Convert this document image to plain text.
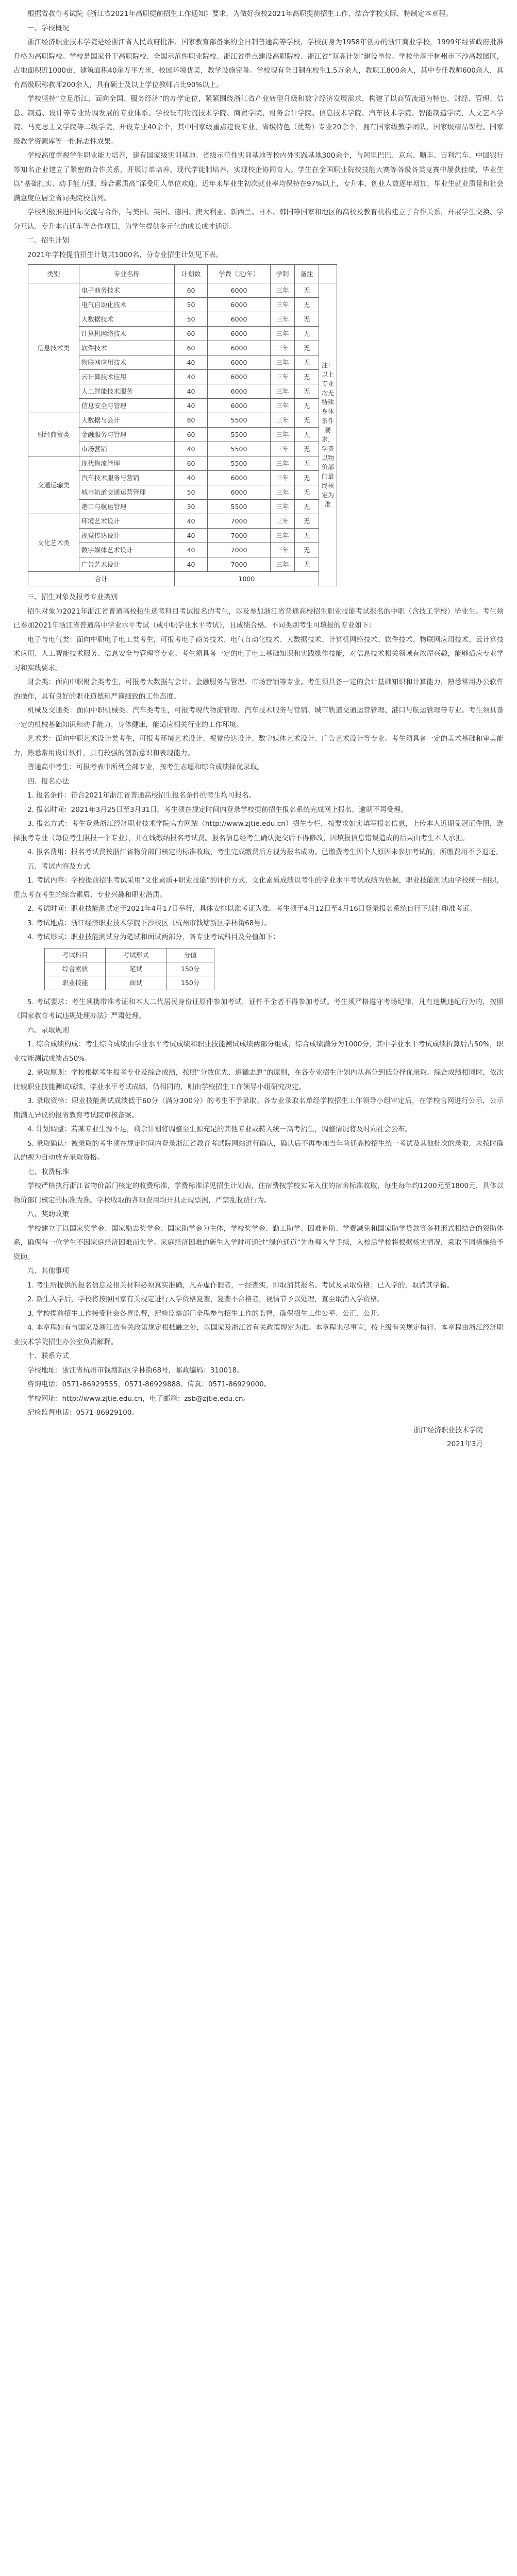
根据省教育考试院《浙江省2021年高职提前招生工作通知》要求，为做好我校2021年高职提前招生工作，结合学校实际，特制定本章程。

一、学校概况

浙江经济职业技术学院是经浙江省人民政府批准、国家教育部备案的全日制普通高等学校，学校前身为1958年创办的浙江商业学校，1999年经省政府批准升格为高职院校。学校是国家骨干高职院校、全国示范性职业院校、浙江省重点建设高职院校、浙江省“双高计划”建设单位。学校坐落于杭州市下沙高教园区，占地面积近1000亩，建筑面积40余万平方米，校园环境优美，教学设施完备。学校现有全日制在校生1.5万余人，教职工800余人，其中专任教师600余人，具有高级职称教师200余人，具有硕士及以上学位教师占比90%以上。

学校坚持“立足浙江、面向全国、服务经济”的办学定位，紧紧围绕浙江省产业转型升级和数字经济发展需求，构建了以商贸流通为特色，财经、管理、信息、制造、设计等专业协调发展的专业体系。学校设有物流技术学院、商贸学院、财务会计学院、信息技术学院、汽车技术学院、智能制造学院、人文艺术学院、马克思主义学院等二级学院，开设专业40余个，其中国家级重点建设专业、省级特色（优势）专业20余个，拥有国家级教学团队、国家级精品课程、国家级教学资源库等一批标志性成果。

学校高度重视学生职业能力培养，建有国家级实训基地、省级示范性实训基地等校内外实践基地300余个，与阿里巴巴、京东、顺丰、吉利汽车、中国银行等知名企业建立了紧密的合作关系，开展订单培养、现代学徒制培养，实现校企协同育人。学生在全国职业院校技能大赛等各级各类竞赛中屡获佳绩，毕业生以“基础扎实、动手能力强、综合素质高”深受用人单位欢迎，近年来毕业生初次就业率均保持在97%以上，专升本、创业人数逐年增加，毕业生就业质量和社会满意度位居全省同类院校前列。

学校积极推进国际交流与合作，与美国、英国、德国、澳大利亚、新西兰、日本、韩国等国家和地区的高校及教育机构建立了合作关系，开展学生交换、学分互认、专升本直通车等合作项目，为学生提供多元化的成长成才通道。

二、招生计划

2021年学校提前招生计划共1000名，分专业招生计划见下表。

类别	专业名称	计划数	学费（元/年）	学制	备注	
信息技术类	电子商务技术	60	6000	三年	无	注：以上专业均无特殊身体条件要求，学费以物价部门最终核定为准
	电气自动化技术	50	6000	三年	无	
	大数据技术	50	6000	三年	无	
	计算机网络技术	60	6000	三年	无	
	软件技术	60	6000	三年	无	
	物联网应用技术	40	6000	三年	无	
	云计算技术应用	40	6000	三年	无	
	人工智能技术服务	40	6000	三年	无	
	信息安全与管理	40	6000	三年	无	
财经商贸类	大数据与会计	80	5500	三年	无	
	金融服务与管理	60	5500	三年	无	
	市场营销	40	5500	三年	无	
交通运输类	现代物流管理	60	5500	三年	无	
	汽车技术服务与营销	40	6000	三年	无	
	城市轨道交通运营管理	50	6000	三年	无	
	港口与航运管理	30	5500	三年	无	
文化艺术类	环境艺术设计	40	7000	三年	无	
	视觉传达设计	40	7000	三年	无	
	数字媒体艺术设计	40	7000	三年	无	
	广告艺术设计	40	7000	三年	无	
合计		1000				
三、招生对象及报考专业类别

招生对象为2021年浙江省普通高校招生选考科目考试报名的考生，以及参加浙江省普通高校招生职业技能考试报名的中职（含技工学校）毕业生。考生须已参加2021年浙江省普通高中学业水平考试（或中职学业水平考试），且成绩合格。不同类别考生可填报的专业如下：

电子与电气类：面向中职电子电工类考生，可报考电子商务技术、电气自动化技术、大数据技术、计算机网络技术、软件技术、物联网应用技术、云计算技术应用、人工智能技术服务、信息安全与管理等专业。考生须具备一定的电子电工基础知识和实践操作技能，对信息技术相关领域有浓厚兴趣，能够适应专业学习和实践要求。

财会类：面向中职财会类考生，可报考大数据与会计、金融服务与管理、市场营销等专业。考生须具备一定的会计基础知识和计算能力，熟悉常用办公软件的操作，具有良好的职业道德和严谨细致的工作态度。

机械及交通类：面向中职机械类、汽车类考生，可报考现代物流管理、汽车技术服务与营销、城市轨道交通运营管理、港口与航运管理等专业。考生须具备一定的机械基础知识和动手能力，身体健康，能适应相关行业的工作环境。

艺术类：面向中职艺术设计类考生，可报考环境艺术设计、视觉传达设计、数字媒体艺术设计、广告艺术设计等专业。考生须具备一定的美术基础和审美能力，熟悉常用设计软件，具有较强的创新意识和表现能力。

普通高中考生：可报考表中所列全部专业，按考生志愿和综合成绩择优录取。

四、报名办法

1. 报名条件：符合2021年浙江省普通高校招生报名条件的考生均可报名。

2. 报名时间：2021年3月25日至3月31日。考生须在规定时间内登录学校提前招生报名系统完成网上报名，逾期不再受理。

3. 报名方式：考生登录浙江经济职业技术学院官方网站（http://www.zjtie.edu.cn）招生专栏，按要求如实填写报名信息，上传本人近期免冠证件照，选择报考专业（每位考生限报一个专业），并在线缴纳报名考试费。报名信息经考生确认提交后不得修改，因填报信息错误造成的后果由考生本人承担。

4. 报名费用：报名考试费按浙江省物价部门核定的标准收取，考生完成缴费后方视为报名成功。已缴费考生因个人原因未参加考试的，所缴费用不予退还。

五、考试内容及方式

1. 考试内容：学校提前招生考试采用“文化素质+职业技能”的评价方式，文化素质成绩以考生的学业水平考试成绩为依据，职业技能测试由学校统一组织，重点考查考生的综合素质、专业兴趣和职业潜质。

2. 考试时间：职业技能测试定于2021年4月17日举行，具体安排以准考证为准。考生须于4月12日至4月16日登录报名系统自行下载打印准考证。

3. 考试地点：浙江经济职业技术学院下沙校区（杭州市钱塘新区学林街68号）。

4. 考试形式：职业技能测试分为笔试和面试两部分，各专业考试科目及分值如下：

考试科目	考试形式	分值
综合素质	笔试	150分
职业技能	面试	150分

5. 考试要求：考生须携带准考证和本人二代居民身份证原件参加考试，证件不全者不得参加考试。考生须严格遵守考场纪律，凡有违规违纪行为的，按照《国家教育考试违规处理办法》严肃处理。

六、录取规则

1. 综合成绩构成：考生综合成绩由学业水平考试成绩和职业技能测试成绩两部分组成，综合成绩满分为1000分，其中学业水平考试成绩折算后占50%，职业技能测试成绩占50%。

2. 录取原则：学校根据考生报考专业及综合成绩，按照“分数优先、遵循志愿”的原则，在各专业招生计划内从高分到低分择优录取。综合成绩相同时，依次比较职业技能测试成绩、学业水平考试成绩，仍相同的，则由学校招生工作领导小组研究决定。

3. 录取资格：职业技能测试成绩低于60分（满分300分）的考生不予录取。各专业录取名单经学校招生工作领导小组审定后，在学校官网进行公示，公示期满无异议的报省教育考试院审核备案。

4. 计划调整：若某专业生源不足，剩余计划将调整至生源充足的其他专业或转入统一高考招生，调整情况将及时向社会公布。

5. 录取确认：被录取的考生须在规定时间内登录浙江省教育考试院网站进行确认，确认后不再参加当年普通高校招生统一考试及其他批次的录取，未按时确认的视为自动放弃录取资格。

七、收费标准

学校严格执行浙江省物价部门核定的收费标准，学费标准详见招生计划表，住宿费按学校实际入住的宿舍标准收取，每生每年约1200元至1800元，具体以物价部门核定的标准为准。学校收取的各项费用均开具正规票据，严禁乱收费行为。

八、奖助政策

学校建立了以国家奖学金、国家励志奖学金、国家助学金为主体，学校奖学金、勤工助学、困难补助、学费减免和国家助学贷款等多种形式相结合的资助体系，确保每一位学生不因家庭经济困难而失学。家庭经济困难的新生入学时可通过“绿色通道”先办理入学手续，入校后学校将根据核实情况，采取不同措施给予资助。

九、其他事项

1. 考生所提供的报名信息及相关材料必须真实准确，凡弄虚作假者，一经查实，即取消其报名、考试及录取资格；已入学的，取消其学籍。

2. 新生入学后，学校将按照国家有关规定进行入学资格复查，复查不合格者，视情节予以处理，直至取消入学资格。

3. 学校提前招生工作接受社会各界监督，纪检监察部门全程参与招生工作的监督，确保招生工作公平、公正、公开。

4. 本章程如有与国家及浙江省有关政策规定相抵触之处，以国家及浙江省有关政策规定为准。本章程未尽事宜，按上级有关规定执行。本章程由浙江经济职业技术学院招生办公室负责解释。

十、联系方式

学校地址：浙江省杭州市钱塘新区学林街68号，邮政编码：310018。

咨询电话：0571-86929555，0571-86929888。传真：0571-86929000。

学校网址：http://www.zjtie.edu.cn，电子邮箱：zsb@zjtie.edu.cn。

纪检监督电话：0571-86929100。

浙江经济职业技术学院

2021年3月
